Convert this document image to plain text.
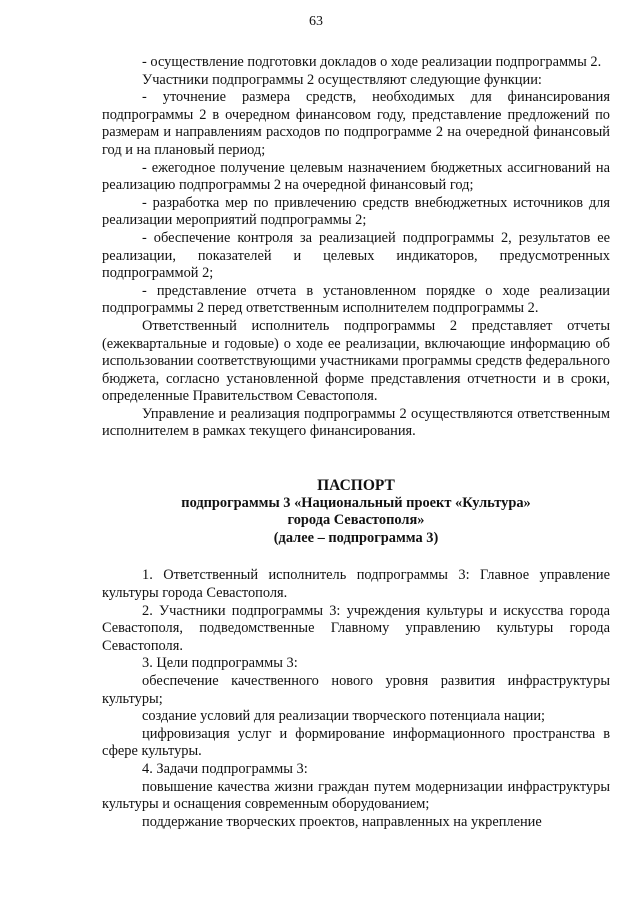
63

- осуществление подготовки докладов о ходе реализации подпрограммы 2.

Участники подпрограммы 2 осуществляют следующие функции:

- уточнение размера средств, необходимых для финансирования подпрограммы 2 в очередном финансовом году, представление предложений по размерам и направлениям расходов по подпрограмме 2 на очередной финансовый год и на плановый период;

- ежегодное получение целевым назначением бюджетных ассигнований на реализацию подпрограммы 2 на очередной финансовый год;

- разработка мер по привлечению средств внебюджетных источников для реализации мероприятий подпрограммы 2;

- обеспечение контроля за реализацией подпрограммы 2, результатов ее реализации, показателей и целевых индикаторов, предусмотренных подпрограммой 2;

- представление отчета в установленном порядке о ходе реализации подпрограммы 2 перед ответственным исполнителем подпрограммы 2.

Ответственный исполнитель подпрограммы 2 представляет отчеты (ежеквартальные и годовые) о ходе ее реализации, включающие информацию об использовании соответствующими участниками программы средств федерального бюджета, согласно установленной форме представления отчетности и в сроки, определенные Правительством Севастополя.

Управление и реализация подпрограммы 2 осуществляются ответственным исполнителем в рамках текущего финансирования.

ПАСПОРТ

подпрограммы 3 «Национальный проект «Культура»

города Севастополя»

(далее – подпрограмма 3)

1. Ответственный исполнитель подпрограммы 3: Главное управление культуры города Севастополя.

2. Участники подпрограммы 3: учреждения культуры и искусства города Севастополя, подведомственные Главному управлению культуры города Севастополя.

3. Цели подпрограммы 3:

обеспечение качественного нового уровня развития инфраструктуры культуры;

создание условий для реализации творческого потенциала нации;

цифровизация услуг и формирование информационного пространства в сфере культуры.

4. Задачи подпрограммы 3:

повышение качества жизни граждан путем модернизации инфраструктуры культуры и оснащения современным оборудованием;

поддержание творческих проектов, направленных на укрепление
